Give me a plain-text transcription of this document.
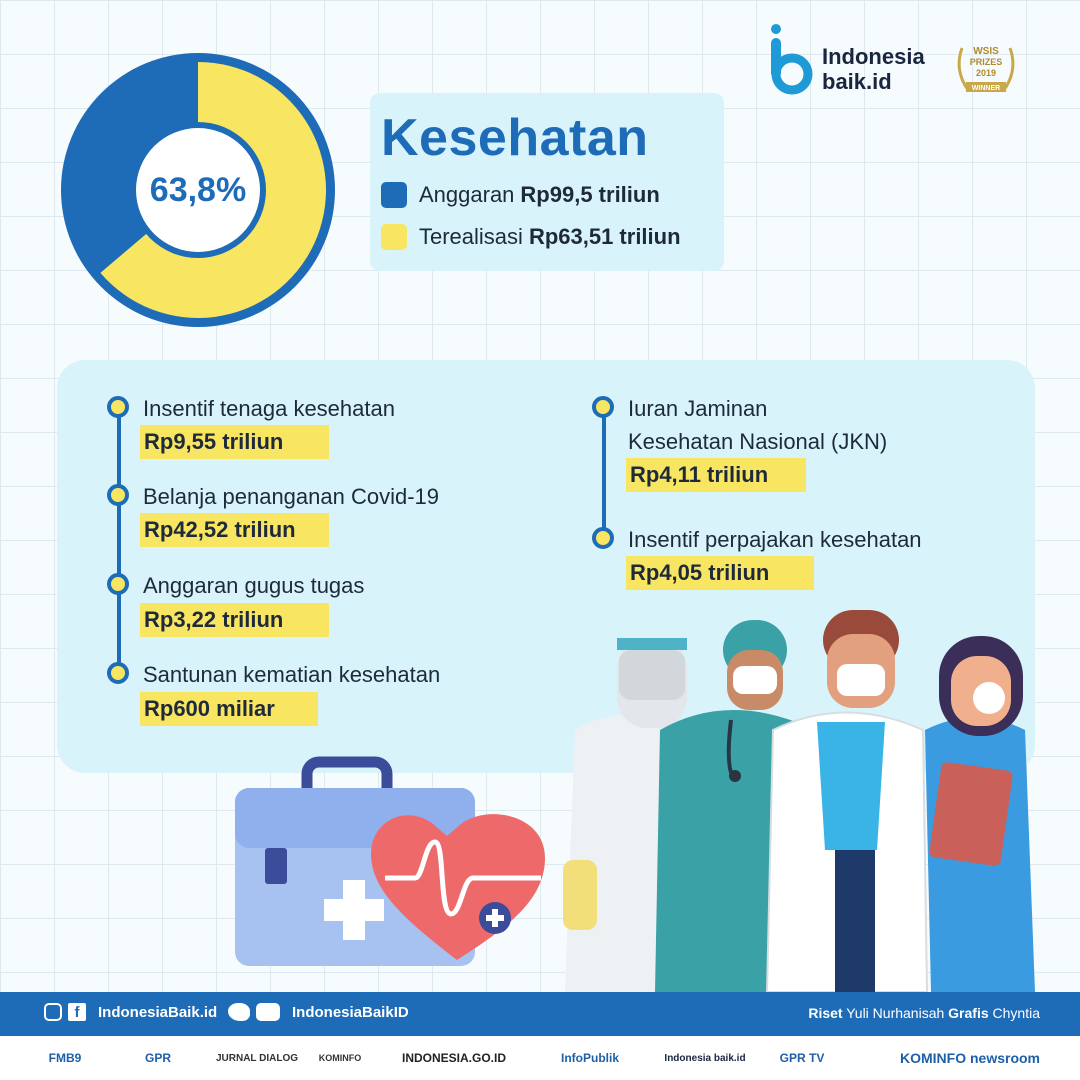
Indonesia
baik.id
WSIS
PRIZES
2019
WINNER
63,8%
Kesehatan
Anggaran Rp99,5 triliun
Terealisasi Rp63,51 triliun
Insentif tenaga kesehatan
Rp9,55 triliun
Belanja penanganan Covid-19
Rp42,52 triliun
Anggaran gugus tugas
Rp3,22 triliun
Santunan kematian kesehatan
Rp600 miliar
Iuran Jaminan
Kesehatan Nasional (JKN)
Rp4,11 triliun
Insentif perpajakan kesehatan
Rp4,05 triliun
f	IndonesiaBaik.id	IndonesiaBaikID	Riset Yuli Nurhanisah Grafis Chyntia
FMB9	GPR	JURNAL DIALOG	KOMINFO	INDONESIA.GO.ID	InfoPublik	Indonesia baik.id	GPR TV	KOMINFO newsroom
